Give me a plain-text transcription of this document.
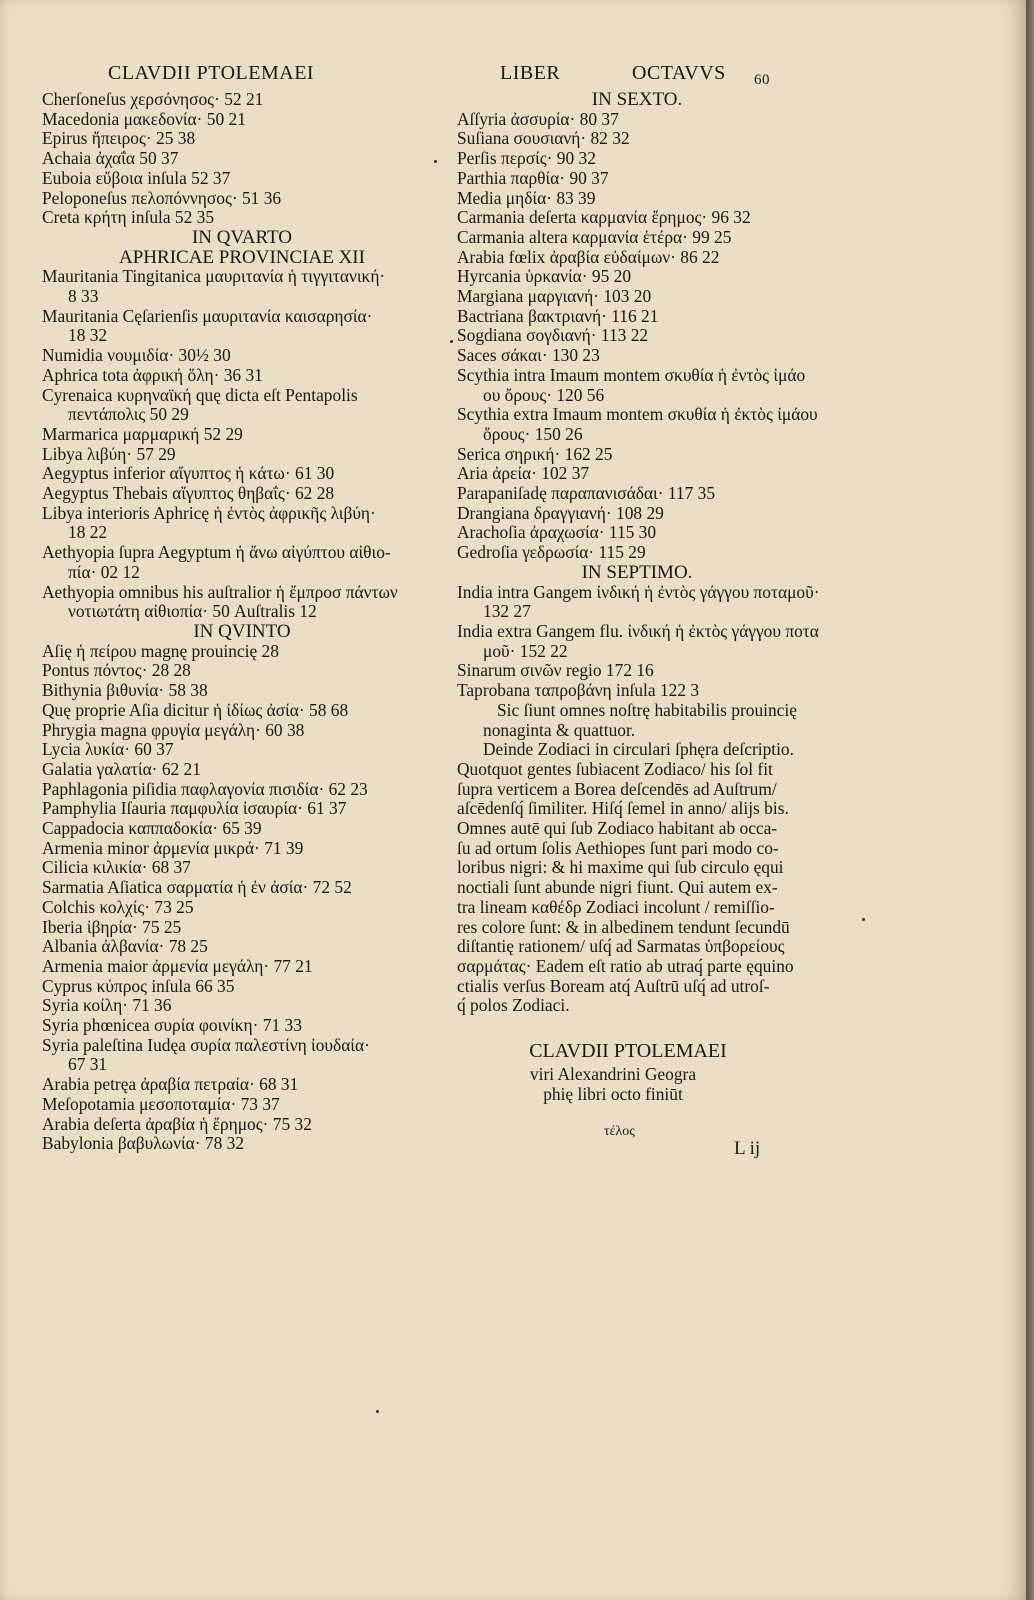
CLAVDII PTOLEMAEI	LIBER	OCTAVVS 60
Cherſoneſus χερσόνησος· 52 21
Macedonia μακεδονία· 50 21
Epirus ἤπειρος· 25 38
Achaia ἀχαΐα 50 37
Euboia εὔβοια inſula 52 37
Peloponeſus πελοπόννησος· 51 36
Creta κρήτη inſula 52 35
IN QVARTO
APHRICAE PROVINCIAE XII
Mauritania Tingitanica μαυριτανία ἡ τιγγιτανική·
8 33
Mauritania Cęſarienſis μαυριτανία καισαρησία·
18 32
Numidia νουμιδία· 30½ 30
Aphrica tota ἀφρική ὅλη· 36 31
Cyrenaica κυρηναϊκή quę dicta eſt Pentapolis
πεντάπολις 50 29
Marmarica μαρμαρική 52 29
Libya λιβύη· 57 29
Aegyptus inferior αἴγυπτος ἡ κάτω· 61 30
Aegyptus Thebais αἴγυπτος θηβαΐς· 62 28
Libya interioris Aphricę ἡ ἐντὸς ἀφρικῆς λιβύη·
18 22
Aethyopia ſupra Aegyptum ἡ ἄνω αἰγύπτου αἰθιο-
πία· 02 12
Aethyopia omnibus his auſtralior ἡ ἔμπροσ πάντων
νοτιωτάτη αἰθιοπία· 50 Auſtralis 12
IN QVINTO
Aſię ἡ πείρου magnę prouincię 28
Pontus πόντος· 28 28
Bithynia βιθυνία· 58 38
Quę proprie Aſia dicitur ἡ ἰδίως ἀσία· 58 68
Phrygia magna φρυγία μεγάλη· 60 38
Lycia λυκία· 60 37
Galatia γαλατία· 62 21
Paphlagonia piſidia παφλαγονία πισιδία· 62 23
Pamphylia Iſauria παμφυλία ἰσαυρία· 61 37
Cappadocia καππαδοκία· 65 39
Armenia minor ἀρμενία μικρά· 71 39
Cilicia κιλικία· 68 37
Sarmatia Aſiatica σαρματία ἡ ἐν ἀσία· 72 52
Colchis κολχίς· 73 25
Iberia ἰβηρία· 75 25
Albania ἀλβανία· 78 25
Armenia maior ἀρμενία μεγάλη· 77 21
Cyprus κύπρος inſula 66 35
Syria κοίλη· 71 36
Syria phœnicea συρία φοινίκη· 71 33
Syria paleſtina Iudęa συρία παλεστίνη ἰουδαία·
67 31
Arabia petręa ἀραβία πετραία· 68 31
Meſopotamia μεσοποταμία· 73 37
Arabia deſerta ἀραβία ἡ ἔρημος· 75 32
Babylonia βαβυλωνία· 78 32
IN SEXTO.
Aſſyria ἀσσυρία· 80 37
Suſiana σουσιανή· 82 32
Perſis περσίς· 90 32
Parthia παρθία· 90 37
Media μηδία· 83 39
Carmania deſerta καρμανία ἔρημος· 96 32
Carmania altera καρμανία ἑτέρα· 99 25
Arabia fœlix ἀραβία εὐδαίμων· 86 22
Hyrcania ὑρκανία· 95 20
Margiana μαργιανή· 103 20
Bactriana βακτριανή· 116 21
Sogdiana σογδιανή· 113 22
Saces σάκαι· 130 23
Scythia intra Imaum montem σκυθία ἡ ἐντὸς ἰμάο
ου ὄρους· 120 56
Scythia extra Imaum montem σκυθία ἡ ἐκτὸς ἰμάου
ὄρους· 150 26
Serica σηρική· 162 25
Aria ἀρεία· 102 37
Parapaniſadę παραπανισάδαι· 117 35
Drangiana δραγγιανή· 108 29
Arachoſia ἀραχωσία· 115 30
Gedroſia γεδρωσία· 115 29
IN SEPTIMO.
India intra Gangem ἰνδική ἡ ἐντὸς γάγγου ποταμοῦ·
132 27
India extra Gangem flu. ἰνδική ἡ ἐκτὸς γάγγου ποτα
μοῦ· 152 22
Sinarum σινῶν regio 172 16
Taprobana ταπροβάνη inſula 122 3
Sic ſiunt omnes noſtrę habitabilis prouincię
nonaginta & quattuor.
Deinde Zodiaci in circulari ſphęra deſcriptio.
Quotquot gentes ſubiacent Zodiaco/ his ſol fit
ſupra verticem a Borea deſcendēs ad Auſtrum/
aſcēdenſq́ ſimiliter. Hiſq́ ſemel in anno/ alijs bis.
Omnes autē qui ſub Zodiaco habitant ab occa-
ſu ad ortum ſolis Aethiopes ſunt pari modo co-
loribus nigri: & hi maxime qui ſub circulo ęqui
noctiali ſunt abunde nigri fiunt. Qui autem ex-
tra lineam καθέδρ Zodiaci incolunt / remiſſio-
res colore ſunt: & in albedinem tendunt ſecundū
diſtantię rationem/ uſq́ ad Sarmatas ὑπβορείους
σαρμάτας· Eadem eſt ratio ab utraq́ parte ęquino
ctialis verſus Boream atq́ Auſtrū uſq́ ad utroſ-
q́ polos Zodiaci.
CLAVDII PTOLEMAEI
viri Alexandrini Geogra
phię libri octo finiūt
τέλος
L ij
